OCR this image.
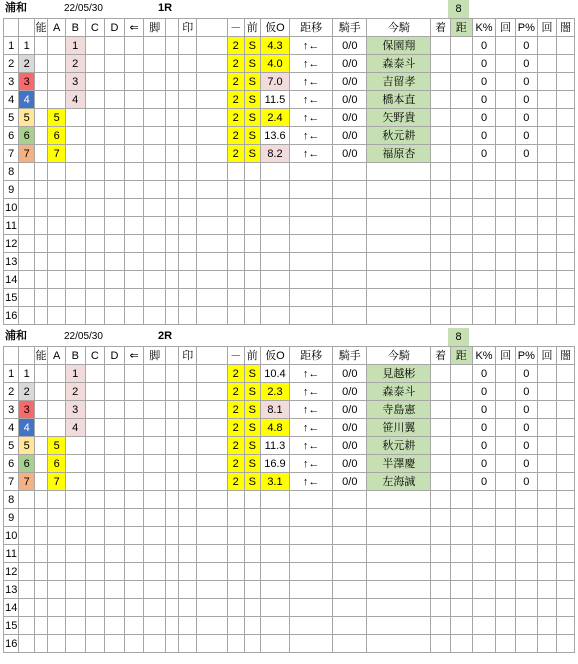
浦和	22/05/30	1R	8
		能	A	B	C	D	⇐	脚		印		－	前	仮O	距移	騎手	今騎	着	距	K%	回	P%	回	闇
1	1			1								2	S	4.3	↑←	0/0	保園翔			0		0		
2	2			2								2	S	4.0	↑←	0/0	森泰斗			0		0		
3	3			3								2	S	7.0	↑←	0/0	吉留孝			0		0		
4	4			4								2	S	11.5	↑←	0/0	橋本直			0		0		
5	5		5									2	S	2.4	↑←	0/0	矢野貴			0		0		
6	6		6									2	S	13.6	↑←	0/0	秋元耕			0		0		
7	7		7									2	S	8.2	↑←	0/0	福原杏			0		0		
8																								
9																								
10																								
11																								
12																								
13																								
14																								
15																								
16																								
浦和	22/05/30	2R	8
		能	A	B	C	D	⇐	脚		印		－	前	仮O	距移	騎手	今騎	着	距	K%	回	P%	回	闇
1	1			1								2	S	10.4	↑←	0/0	見越彬			0		0		
2	2			2								2	S	2.3	↑←	0/0	森泰斗			0		0		
3	3			3								2	S	8.1	↑←	0/0	寺島憲			0		0		
4	4			4								2	S	4.8	↑←	0/0	笹川翼			0		0		
5	5		5									2	S	11.3	↑←	0/0	秋元耕			0		0		
6	6		6									2	S	16.9	↑←	0/0	半澤慶			0		0		
7	7		7									2	S	3.1	↑←	0/0	左海誠			0		0		
8																								
9																								
10																								
11																								
12																								
13																								
14																								
15																								
16																								
